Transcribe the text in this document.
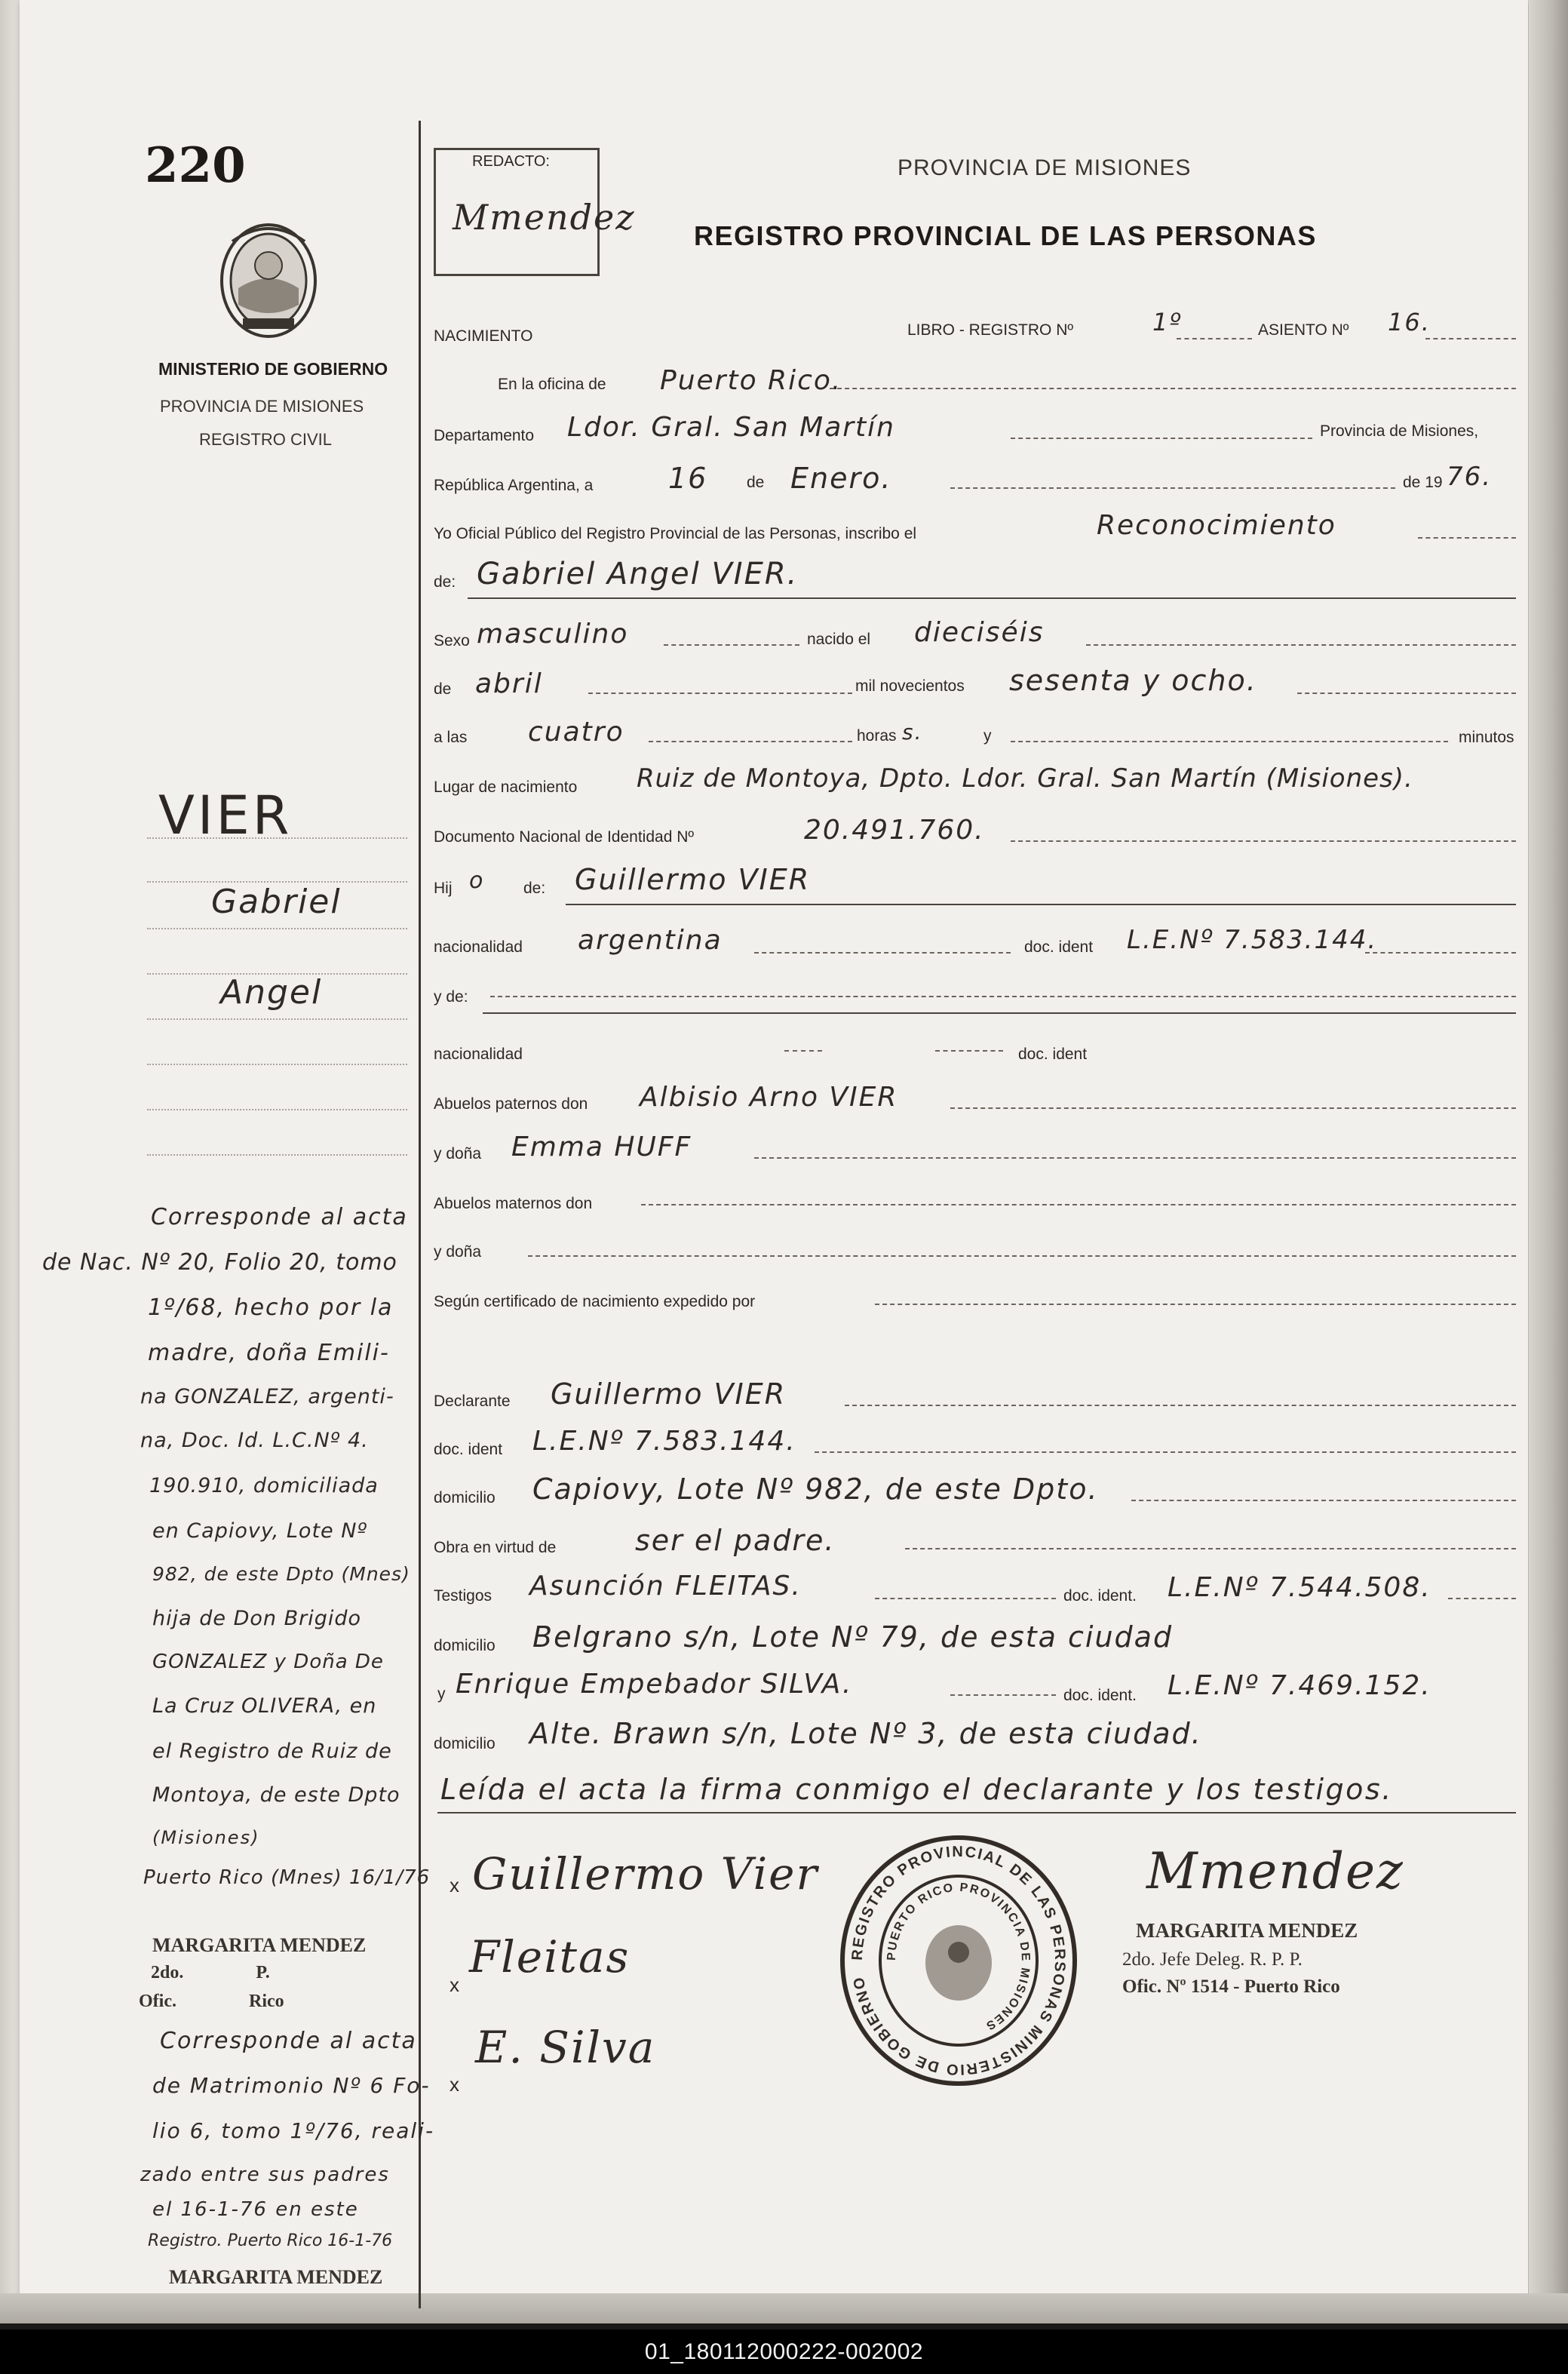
220
MINISTERIO DE GOBIERNO
PROVINCIA DE MISIONES
REGISTRO CIVIL
REDACTO:
Mmendez
PROVINCIA DE MISIONES
REGISTRO PROVINCIAL DE LAS PERSONAS
NACIMIENTO	LIBRO - REGISTRO Nº	1º	ASIENTO Nº 16.
En la oficina de Puerto Rico.
Departamento Ldor. Gral. San Martín	Provincia de Misiones,
República Argentina, a	16 de Enero.	de 19 76.
Yo Oficial Público del Registro Provincial de las Personas, inscribo el	Reconocimiento
de: Gabriel Angel VIER.
Sexo masculino	nacido el dieciséis
de abril	mil novecientos sesenta y ocho.
a las cuatro	horas s.	y	minutos
Lugar de nacimiento Ruiz de Montoya, Dpto. Ldor. Gral. San Martín (Misiones).
Documento Nacional de Identidad Nº	20.491.760.
Hij o de: Guillermo VIER
nacionalidad argentina	doc. ident L.E.Nº 7.583.144.
y de:
nacionalidad	doc. ident
Abuelos paternos don Albisio Arno VIER
y doña Emma HUFF
Abuelos maternos don
y doña
Según certificado de nacimiento expedido por
Declarante Guillermo VIER
doc. ident L.E.Nº 7.583.144.
domicilio Capiovy, Lote Nº 982, de este Dpto.
Obra en virtud de	ser el padre.
Testigos Asunción FLEITAS.	doc. ident. L.E.Nº 7.544.508.
domicilio Belgrano s/n, Lote Nº 79, de esta ciudad
y Enrique Empebador SILVA.	doc. ident. L.E.Nº 7.469.152.
domicilio Alte. Brawn s/n, Lote Nº 3, de esta ciudad.
Leída el acta la firma conmigo el declarante y los testigos.
x Guillermo Vier
x
Fleitas
x
E. Silva
REGISTRO PROVINCIAL DE LAS PERSONAS MINISTERIO DE GOBIERNO
PUERTO RICO PROVINCIA DE MISIONES
Mmendez
MARGARITA MENDEZ
2do. Jefe Deleg. R. P. P.
Ofic. Nº 1514 - Puerto Rico
VIER
Gabriel
Angel
Corresponde al acta
de Nac. Nº 20, Folio 20, tomo
1º/68, hecho por la
madre, doña Emili-
na GONZALEZ, argenti-
na, Doc. Id. L.C.Nº 4.
190.910, domiciliada
en Capiovy, Lote Nº
982, de este Dpto (Mnes)
hija de Don Brigido
GONZALEZ y Doña De
La Cruz OLIVERA, en
el Registro de Ruiz de
Montoya, de este Dpto
(Misiones)
Puerto Rico (Mnes) 16/1/76
MARGARITA MENDEZ
2do.                P.
Ofic.                Rico
Corresponde al acta
de Matrimonio Nº 6 Fo-
lio 6, tomo 1º/76, reali-
zado entre sus padres
el 16-1-76 en este
Registro. Puerto Rico 16-1-76
MARGARITA MENDEZ
01_180112000222-002002
